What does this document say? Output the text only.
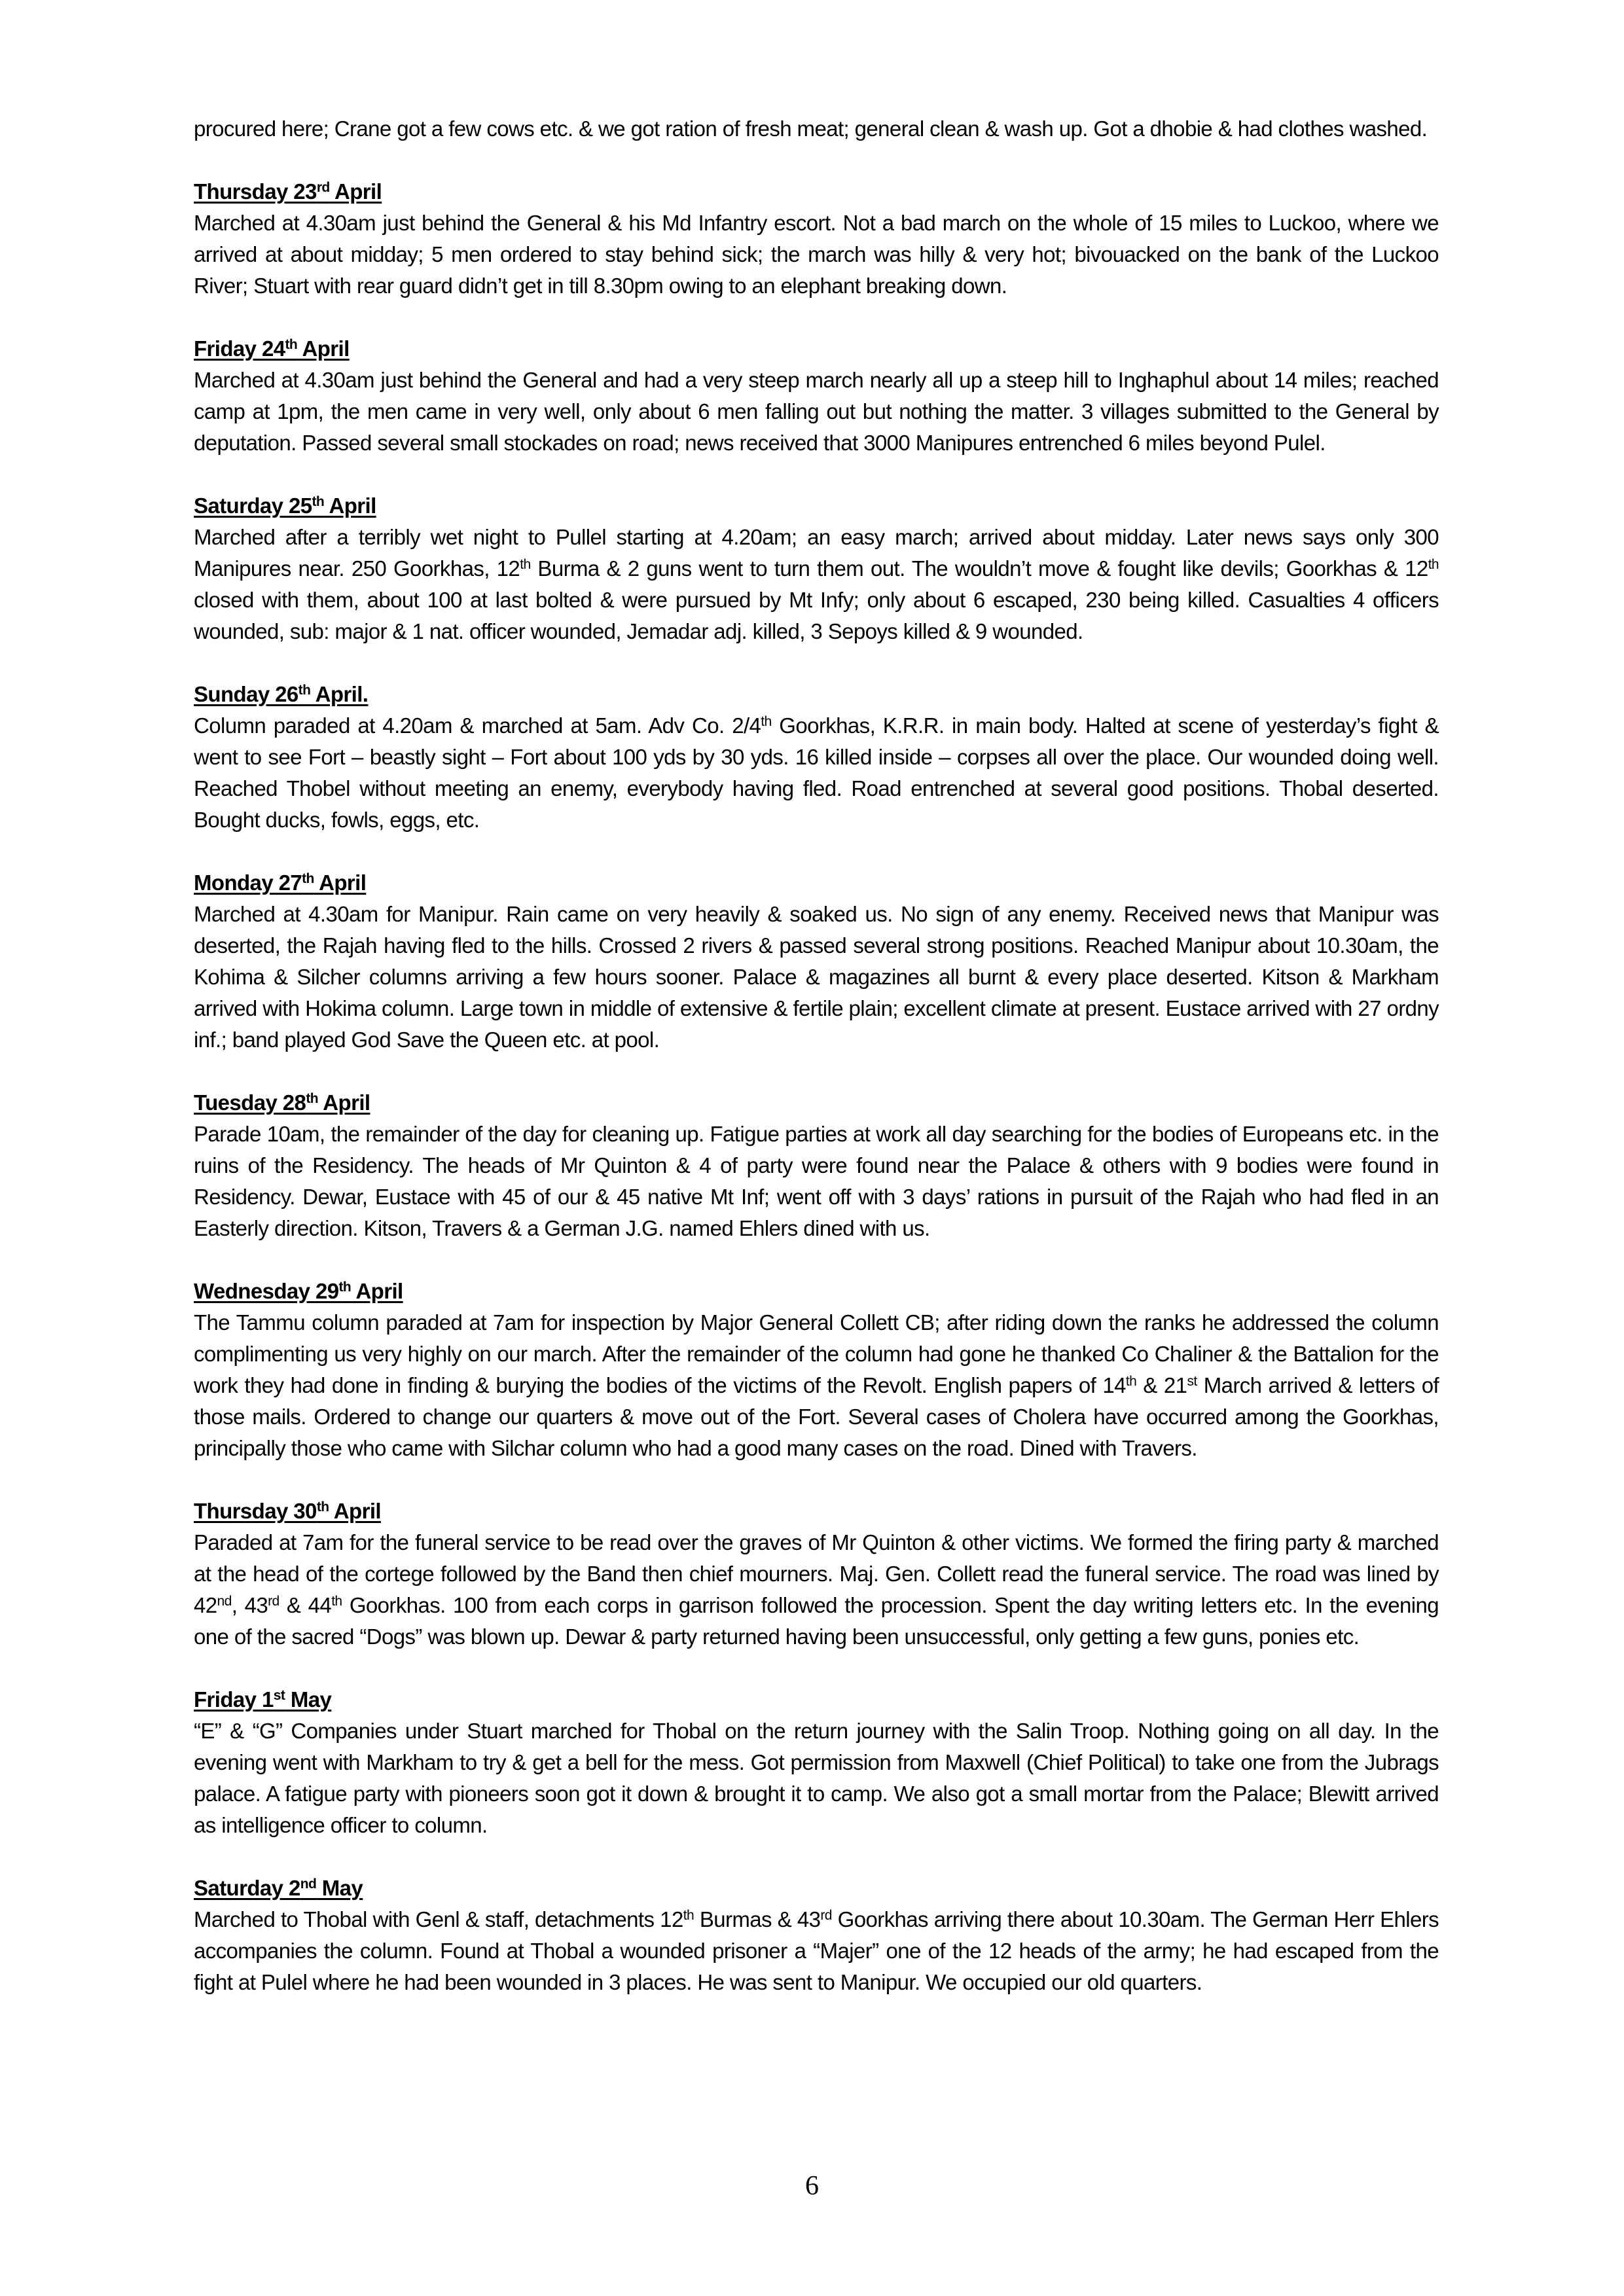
procured here; Crane got a few cows etc. & we got ration of fresh meat; general clean & wash up. Got a dhobie & had clothes washed.

Thursday 23rd April

Marched at 4.30am just behind the General & his Md Infantry escort. Not a bad march on the whole of 15 miles to Luckoo, where we arrived at about midday; 5 men ordered to stay behind sick; the march was hilly & very hot; bivouacked on the bank of the Luckoo River; Stuart with rear guard didn’t get in till 8.30pm owing to an elephant breaking down.

Friday 24th April

Marched at 4.30am just behind the General and had a very steep march nearly all up a steep hill to Inghaphul about 14 miles; reached camp at 1pm, the men came in very well, only about 6 men falling out but nothing the matter. 3 villages submitted to the General by deputation. Passed several small stockades on road; news received that 3000 Manipures entrenched 6 miles beyond Pulel.

Saturday 25th April

Marched after a terribly wet night to Pullel starting at 4.20am; an easy march; arrived about midday. Later news says only 300 Manipures near. 250 Goorkhas, 12th Burma & 2 guns went to turn them out. The wouldn’t move & fought like devils; Goorkhas & 12th closed with them, about 100 at last bolted & were pursued by Mt Infy; only about 6 escaped, 230 being killed. Casualties 4 officers wounded, sub: major & 1 nat. officer wounded, Jemadar adj. killed, 3 Sepoys killed & 9 wounded.

Sunday 26th April.

Column paraded at 4.20am & marched at 5am. Adv Co. 2/4th Goorkhas, K.R.R. in main body. Halted at scene of yesterday’s fight & went to see Fort – beastly sight – Fort about 100 yds by 30 yds. 16 killed inside – corpses all over the place. Our wounded doing well. Reached Thobel without meeting an enemy, everybody having fled. Road entrenched at several good positions. Thobal deserted. Bought ducks, fowls, eggs, etc.

Monday 27th April

Marched at 4.30am for Manipur. Rain came on very heavily & soaked us. No sign of any enemy. Received news that Manipur was deserted, the Rajah having fled to the hills. Crossed 2 rivers & passed several strong positions. Reached Manipur about 10.30am, the Kohima & Silcher columns arriving a few hours sooner. Palace & magazines all burnt & every place deserted. Kitson & Markham arrived with Hokima column. Large town in middle of extensive & fertile plain; excellent climate at present. Eustace arrived with 27 ordny inf.; band played God Save the Queen etc. at pool.

Tuesday 28th April

Parade 10am, the remainder of the day for cleaning up. Fatigue parties at work all day searching for the bodies of Europeans etc. in the ruins of the Residency. The heads of Mr Quinton & 4 of party were found near the Palace & others with 9 bodies were found in Residency. Dewar, Eustace with 45 of our & 45 native Mt Inf; went off with 3 days’ rations in pursuit of the Rajah who had fled in an Easterly direction. Kitson, Travers & a German J.G. named Ehlers dined with us.

Wednesday 29th April

The Tammu column paraded at 7am for inspection by Major General Collett CB; after riding down the ranks he addressed the column complimenting us very highly on our march. After the remainder of the column had gone he thanked Co Chaliner & the Battalion for the work they had done in finding & burying the bodies of the victims of the Revolt. English papers of 14th & 21st March arrived & letters of those mails. Ordered to change our quarters & move out of the Fort. Several cases of Cholera have occurred among the Goorkhas, principally those who came with Silchar column who had a good many cases on the road. Dined with Travers.

Thursday 30th April

Paraded at 7am for the funeral service to be read over the graves of Mr Quinton & other victims. We formed the firing party & marched at the head of the cortege followed by the Band then chief mourners. Maj. Gen. Collett read the funeral service. The road was lined by 42nd, 43rd & 44th Goorkhas. 100 from each corps in garrison followed the procession. Spent the day writing letters etc. In the evening one of the sacred “Dogs” was blown up. Dewar & party returned having been unsuccessful, only getting a few guns, ponies etc.

Friday 1st May

“E” & “G” Companies under Stuart marched for Thobal on the return journey with the Salin Troop. Nothing going on all day. In the evening went with Markham to try & get a bell for the mess. Got permission from Maxwell (Chief Political) to take one from the Jubrags palace. A fatigue party with pioneers soon got it down & brought it to camp. We also got a small mortar from the Palace; Blewitt arrived as intelligence officer to column.

Saturday 2nd May

Marched to Thobal with Genl & staff, detachments 12th Burmas & 43rd Goorkhas arriving there about 10.30am. The German Herr Ehlers accompanies the column. Found at Thobal a wounded prisoner a “Majer” one of the 12 heads of the army; he had escaped from the fight at Pulel where he had been wounded in 3 places. He was sent to Manipur. We occupied our old quarters.

6
